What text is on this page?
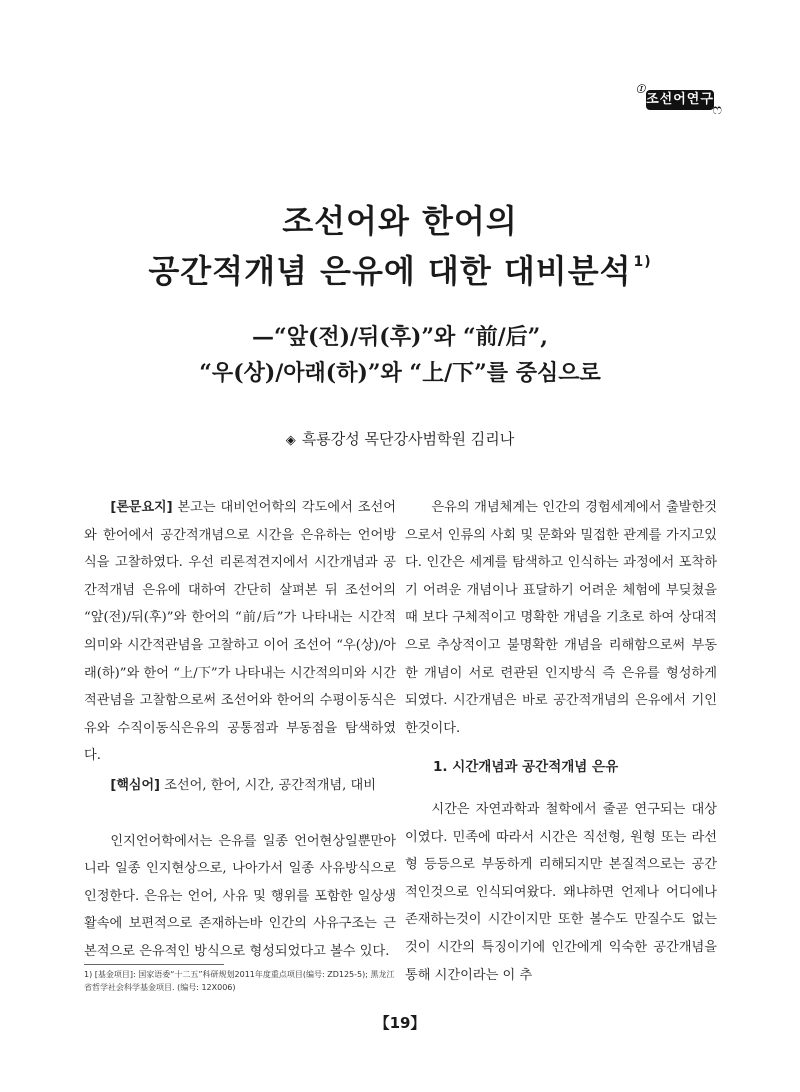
Ⓘ
조선어연구
ෆ
조선어와 한어의
공간적개념 은유에 대한 대비분석 $^{1)}$
—“앞(전)/뒤(후)”와 “前/后”,
“우(상)/아래(하)”와 “上/下”를 중심으로
◈ 흑룡강성 목단강사범학원 김리나

[론문요지] 본고는 대비언어학의 각도에서 조선어와 한어에서 공간적개념으로 시간을 은유하는 언어방식을 고찰하였다. 우선 리론적견지에서 시간개념과 공간적개념 은유에 대하여 간단히 살펴본 뒤 조선어의 “앞(전)/뒤(후)”와 한어의 “前/后”가 나타내는 시간적의미와 시간적관념을 고찰하고 이어 조선어 “우(상)/아래(하)”와 한어 “上/下”가 나타내는 시간적의미와 시간적관념을 고찰함으로써 조선어와 한어의 수평이동식은유와 수직이동식은유의 공통점과 부동점을 탐색하였다.

[핵심어] 조선어, 한어, 시간, 공간적개념, 대비

인지언어학에서는 은유를 일종 언어현상일뿐만아니라 일종 인지현상으로, 나아가서 일종 사유방식으로 인정한다. 은유는 언어, 사유 및 행위를 포함한 일상생활속에 보편적으로 존재하는바 인간의 사유구조는 근본적으로 은유적인 방식으로 형성되었다고 볼수 있다.

은유의 개념체계는 인간의 경험세계에서 출발한것으로서 인류의 사회 및 문화와 밀접한 관계를 가지고있다. 인간은 세계를 탐색하고 인식하는 과정에서 포착하기 어려운 개념이나 표달하기 어려운 체험에 부딪쳤을 때 보다 구체적이고 명확한 개념을 기초로 하여 상대적으로 추상적이고 불명확한 개념을 리해함으로써 부동한 개념이 서로 련관된 인지방식 즉 은유를 형성하게 되였다. 시간개념은 바로 공간적개념의 은유에서 기인한것이다.

1. 시간개념과 공간적개념 은유

시간은 자연과학과 철학에서 줄곧 연구되는 대상이였다. 민족에 따라서 시간은 직선형, 원형 또는 라선형 등등으로 부동하게 리해되지만 본질적으로는 공간적인것으로 인식되여왔다. 왜냐하면 언제나 어디에나 존재하는것이 시간이지만 또한 볼수도 만질수도 없는것이 시간의 특징이기에 인간에게 익숙한 공간개념을 통해 시간이라는 이 추

1) [基金项目]: 国家语委“十二五”科研规划2011年度重点项目(编号: ZD125-5); 黑龙江省哲学社会科学基金项目. (编号: 12X006)
【19】
